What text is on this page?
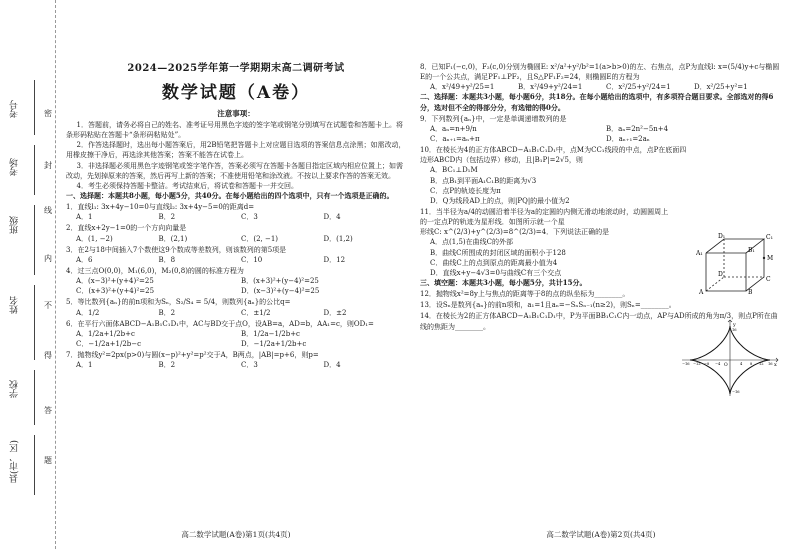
考号
考场
班级
姓名
学校
县(市、区)
密
封
线
内
不
得
答
题
2024—2025学年第一学期期末高二调研考试
数学试题（A卷）
注意事项：
1．答题前，请务必将自己的姓名、准考证号用黑色字迹的签字笔或钢笔分别填写在试题卷和答题卡上。将条形码粘贴在答题卡“条形码粘贴处”。
2．作答选择题时，选出每小题答案后，用2B铅笔把答题卡上对应题目选项的答案信息点涂黑；如需改动，用橡皮擦干净后，再选涂其他答案；答案不能答在试卷上。
3．非选择题必须用黑色字迹钢笔或签字笔作答，答案必须写在答题卡各题目指定区域内相应位置上；如需改动，先划掉原来的答案，然后再写上新的答案；不准使用铅笔和涂改液。不按以上要求作答的答案无效。
4．考生必须保持答题卡整洁。考试结束后，将试卷和答题卡一并交回。
一、选择题：本题共8小题，每小题5分，共40分。在每小题给出的四个选项中，只有一个选项是正确的。
1．直线l₁: 3x+4y−10=0与直线l₂: 3x+4y−5=0的距离d=
A．1	B．2	C．3	D．4
2．直线x+2y−1=0的一个方向向量是
A．(1, −2)	B．(2,1)	C．(2, −1)	D．(1,2)
3．在2与18中间插入7个数使这9个数成等差数列，则该数列的第5项是
A．6	B．8	C．10	D．12
4．过三点O(0,0)，M₁(6,0)，M₂(0,8)的圆的标准方程为
A．(x−3)²+(y+4)²=25	B．(x+3)²+(y−4)²=25
C．(x+3)²+(y+4)²=25	D．(x−3)²+(y−4)²=25
5．等比数列{aₙ}的前n项和为Sₙ，S₂/S₄ = 5/4，则数列{aₙ}的公比q=
A．1/2	B．2	C．±1/2	D．±2
6．在平行六面体ABCD−A₁B₁C₁D₁中，AC与BD交于点O，设AB=a，AD=b，AA₁=c，则OD₁=
A．1/2a+1/2b+c	B．1/2a−1/2b+c
C．−1/2a+1/2b−c	D．−1/2a+1/2b+c
7．抛物线y²=2px(p>0)与圆(x−p)²+y²=p²交于A，B两点，|AB|=p+6，则p=
A．1	B．2	C．3	D．4
高二数学试题(A卷)第1页(共4页)
8．已知F₁(−c,0)，F₂(c,0)分别为椭圆E: x²/a²+y²/b²=1(a>b>0)的左、右焦点，点P为直线l: x=(5/4)y+c与椭圆E的一个公共点，满足PF₁⊥PF₂，且S△PF₁F₂=24，则椭圆E的方程为
A．x²/49+y²/25=1	B．x²/49+y²/24=1	C．x²/25+y²/24=1	D．x²/25+y²=1
二、选择题：本题共3小题，每小题6分，共18分。在每小题给出的选项中，有多项符合题目要求。全部选对的得6分，选对但不全的得部分分，有选错的得0分。
9．下列数列{aₙ}中，一定是单调递增数列的是
A．aₙ=n+9/n	B．aₙ=2n²−5n+4
C．aₙ₊₁=aₙ+π	D．aₙ₊₁=2aₙ
10．在棱长为4的正方体ABCD−A₁B₁C₁D₁中，点M为CC₁线段的中点，点P在底面四边形ABCD内（包括边界）移动，且|B₁P|=2√5，则
A．BC₁⊥D₁M
B．点B₁到平面A₁C₁B的距离为√3
C．点P的轨迹长度为π
D．Q为线段AD上的点，则|PQ|的最小值为2
11．当半径为a/4的动圆沿着半径为a的定圆的内侧无滑动地滚动时，动圆圆周上
的一定点P的轨迹为星形线．如图所示就一个星
形线C: x^(2/3)+y^(2/3)=8^(2/3)=4．下列说法正确的是
A．点(1,5)在曲线C的外部
B．曲线C所围成的封闭区域的面积小于128
C．曲线C上的点到原点的距离最小值为4
D．直线x+y−4√3=0与曲线C有三个交点
三、填空题：本题共3小题，每小题5分，共计15分。
12．抛物线x²=8y上与焦点的距离等于8的点的纵坐标为________。
13．设Sₙ是数列{aₙ}的前n项和，a₁=1且aₙ=−SₙSₙ₋₁(n≥2)，则Sₙ=________。
14．在棱长为2的正方体ABCD−A₁B₁C₁D₁中，P为平面BB₁C₁C内一动点，AP与AD所成的角为π/3，则点P所在曲线的焦距为________。
D₁	C₁
A₁	B₁
M
D
C
A	B
y
x
O
−16 −12 −8 −4	4 8 12 16
16
−16
高二数学试题(A卷)第2页(共4页)
